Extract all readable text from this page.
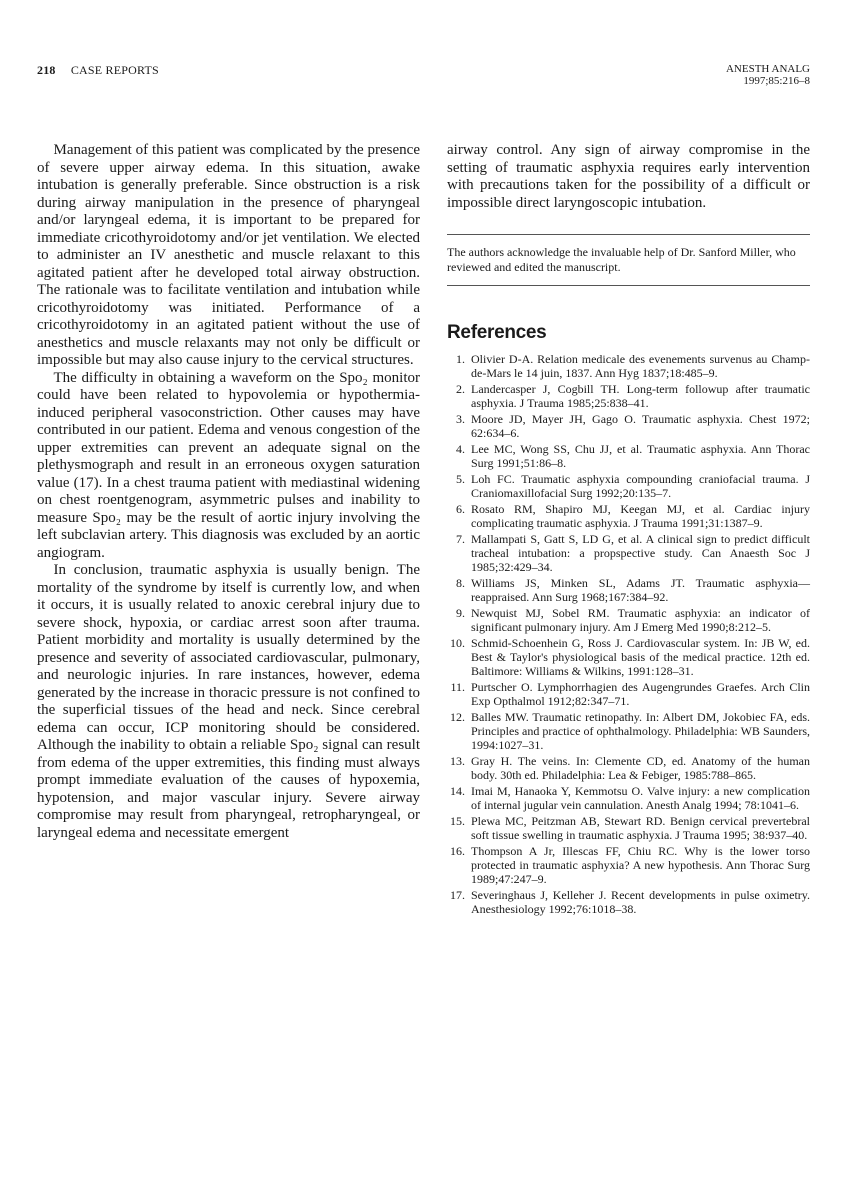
218 CASE REPORTS	ANESTH ANALG
1997;85:216–8

Management of this patient was complicated by the presence of severe upper airway edema. In this situation, awake intubation is generally preferable. Since obstruction is a risk during airway manipulation in the presence of pharyngeal and/or laryngeal edema, it is important to be prepared for immediate cricothyroidotomy and/or jet ventilation. We elected to administer an IV anesthetic and muscle relaxant to this agitated patient after he developed total airway obstruction. The rationale was to facilitate ventilation and intubation while cricothyroidotomy was initiated. Performance of a cricothyroidotomy in an agitated patient without the use of anesthetics and muscle relaxants may not only be difficult or impossible but may also cause injury to the cervical structures.

The difficulty in obtaining a waveform on the Spo₂ monitor could have been related to hypovolemia or hypothermia-induced peripheral vasoconstriction. Other causes may have contributed in our patient. Edema and venous congestion of the upper extremities can prevent an adequate signal on the plethysmograph and result in an erroneous oxygen saturation value (17). In a chest trauma patient with mediastinal widening on chest roentgenogram, asymmetric pulses and inability to measure Spo₂ may be the result of aortic injury involving the left subclavian artery. This diagnosis was excluded by an aortic angiogram.

In conclusion, traumatic asphyxia is usually benign. The mortality of the syndrome by itself is currently low, and when it occurs, it is usually related to anoxic cerebral injury due to severe shock, hypoxia, or cardiac arrest soon after trauma. Patient morbidity and mortality is usually determined by the presence and severity of associated cardiovascular, pulmonary, and neurologic injuries. In rare instances, however, edema generated by the increase in thoracic pressure is not confined to the superficial tissues of the head and neck. Since cerebral edema can occur, ICP monitoring should be considered. Although the inability to obtain a reliable Spo₂ signal can result from edema of the upper extremities, this finding must always prompt immediate evaluation of the causes of hypoxemia, hypotension, and major vascular injury. Severe airway compromise may result from pharyngeal, retropharyngeal, or laryngeal edema and necessitate emergent

airway control. Any sign of airway compromise in the setting of traumatic asphyxia requires early intervention with precautions taken for the possibility of a difficult or impossible direct laryngoscopic intubation.

The authors acknowledge the invaluable help of Dr. Sanford Miller, who reviewed and edited the manuscript.

References
1. Olivier D-A. Relation medicale des evenements survenus au Champ-de-Mars le 14 juin, 1837. Ann Hyg 1837;18:485–9.
2. Landercasper J, Cogbill TH. Long-term followup after traumatic asphyxia. J Trauma 1985;25:838–41.
3. Moore JD, Mayer JH, Gago O. Traumatic asphyxia. Chest 1972; 62:634–6.
4. Lee MC, Wong SS, Chu JJ, et al. Traumatic asphyxia. Ann Thorac Surg 1991;51:86–8.
5. Loh FC. Traumatic asphyxia compounding craniofacial trauma. J Craniomaxillofacial Surg 1992;20:135–7.
6. Rosato RM, Shapiro MJ, Keegan MJ, et al. Cardiac injury complicating traumatic asphyxia. J Trauma 1991;31:1387–9.
7. Mallampati S, Gatt S, LD G, et al. A clinical sign to predict difficult tracheal intubation: a propspective study. Can Anaesth Soc J 1985;32:429–34.
8. Williams JS, Minken SL, Adams JT. Traumatic asphyxia—reappraised. Ann Surg 1968;167:384–92.
9. Newquist MJ, Sobel RM. Traumatic asphyxia: an indicator of significant pulmonary injury. Am J Emerg Med 1990;8:212–5.
10. Schmid-Schoenhein G, Ross J. Cardiovascular system. In: JB W, ed. Best & Taylor's physiological basis of the medical practice. 12th ed. Baltimore: Williams & Wilkins, 1991:128–31.
11. Purtscher O. Lymphorrhagien des Augengrundes Graefes. Arch Clin Exp Opthalmol 1912;82:347–71.
12. Balles MW. Traumatic retinopathy. In: Albert DM, Jokobiec FA, eds. Principles and practice of ophthalmology. Philadelphia: WB Saunders, 1994:1027–31.
13. Gray H. The veins. In: Clemente CD, ed. Anatomy of the human body. 30th ed. Philadelphia: Lea & Febiger, 1985:788–865.
14. Imai M, Hanaoka Y, Kemmotsu O. Valve injury: a new complication of internal jugular vein cannulation. Anesth Analg 1994; 78:1041–6.
15. Plewa MC, Peitzman AB, Stewart RD. Benign cervical prevertebral soft tissue swelling in traumatic asphyxia. J Trauma 1995; 38:937–40.
16. Thompson A Jr, Illescas FF, Chiu RC. Why is the lower torso protected in traumatic asphyxia? A new hypothesis. Ann Thorac Surg 1989;47:247–9.
17. Severinghaus J, Kelleher J. Recent developments in pulse oximetry. Anesthesiology 1992;76:1018–38.
